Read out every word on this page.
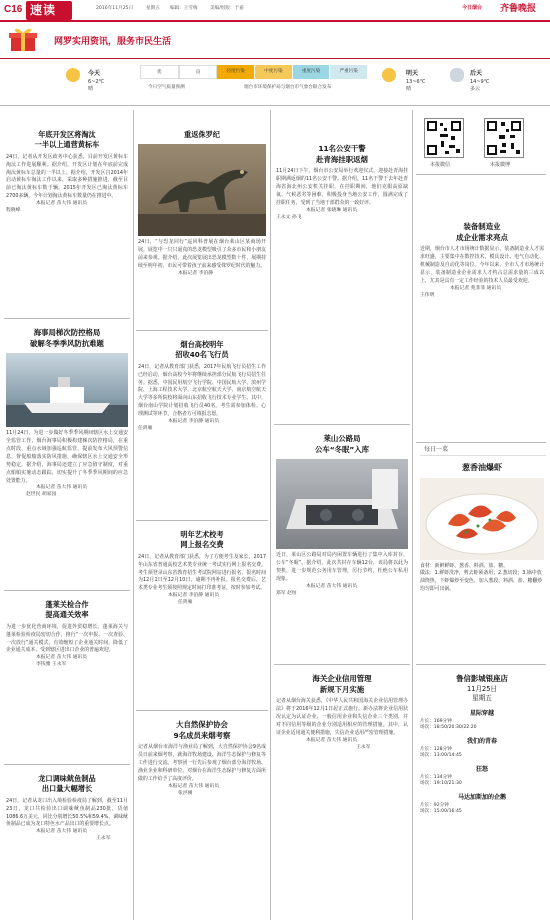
C16 速读	2016年11月25日	星期五 编辑：王雪梅	美编/组版：于嘉	今日烟台 齐鲁晚报
网罗实用资讯，服务市民生活
今天
6~2℃
晴
优	良	轻度污染	中度污染	重度污染	严重污染
今日空气质量预测	烟台市环境保护局与烟台市气象台联合发布
明天
13~6℃
晴
后天
14~9℃
多云
年底开发区将淘汰
一半以上通营黄标车
24日，记者从开发区政务中心获悉，目前开发区黄标车淘汰工作进展顺利。据介绍，开发区计划在年底前完成淘汰黄标车总量的一半以上。据介绍，开发区自2014年启动黄标车淘汰工作以来，采取多种措施推进，截至目前已淘汰黄标车数千辆。2015年开发区已淘汰黄标车2700多辆，今年计划淘汰黄标车数量仍在推进中。
本报记者 苗大伟 通讯员
程晓峰
海事局梯次防控格局
破解冬季季风防抗难题
11月24日，为进一步做好冬季季风期间辖区水上交通安全监管工作，烟台海事局积极构建梯次防控格局，在重点时段、重点水域加强巡航监管，提前发布大风预警信息，督促船舶落实防风措施，确保辖区水上交通安全形势稳定。据介绍，海事局还建立了应急值守制度，对重点船舶实施动态跟踪，切实提升了冬季季风期间的应急处置能力。
本报记者 苗大伟 通讯员
赵世民 胡家园
蓬莱关检合作
提高通关效率
为进一步优化营商环境，促进外贸稳增长，蓬莱海关与蓬莱检验检疫局密切合作，推行“一次申报、一次查验、一次放行”通关模式，有效缩短了企业通关时间，降低了企业通关成本，受到辖区进出口企业的普遍欢迎。
本报记者 苗大伟 通讯员
李钱雅 王永军
龙口调味鱿鱼制品
出口量大幅增长
24日，记者从龙口出入境检验检疫局了解到，截至11月23日，龙口共检验出口调味鱿鱼制品230批，货值1086.6万美元，同比分别增长50.5%和59.4%。调味鱿鱼制品已成为龙口特色水产品出口的重要增长点。
本报记者 苗大伟 通讯员
王永军
重返侏罗纪
24日，“与恐龙同行”巡回科普展在烟台莱山区某商场开展。展览中一只只逼真的恐龙模型吸引了众多市民和小朋友前来参观。据介绍，此次展览展出恐龙模型数十件，展期持续至明年初，市民可带着孩子前来感受侏罗纪时代的魅力。
本报记者 李泊静
烟台高校明年
招收40名飞行员
24日，记者从教育部门获悉，2017年民航飞行员招生工作已经启动，烟台高校今年将继续承担部分民航飞行员招生任务。据悉，中国民用航空飞行学院、中国民航大学、滨州学院、上海工程技术大学、北京航空航天大学、南京航空航天大学等多所院校将面向山东招收飞行技术专业学生。其中，烟台南山学院计划招收飞行员40名。考生需参加体检、心理测试等环节，合格者方可填报志愿。
本报记者 李泊静 通讯员
任鸿雁
明年艺术校考
网上报名交费
24日，记者从教育部门获悉，为了方便考生及家长，2017年山东省普通高校艺术类专业统一考试实行网上报名交费。考生须登录山东省教育招生考试院网站进行报名，报名时间为12月1日至12月10日，逾期不再补报。报名交费后，艺术类专业考生须按照规定时间打印准考证，按时参加考试。
本报记者 李泊静 通讯员
任鸿雁
大自然保护协会
9名成员来烟考察
记者从烟台市海洋与渔业局了解到，大自然保护协会9名成员日前来烟考察，就海洋牧场建设、海洋生态保护与修复等工作进行交流。考察团一行先后参观了烟台部分海洋牧场、渔业企业和科研单位，对烟台在海洋生态保护与修复方面所做的工作给予了高度评价。
本报记者 苗大伟 通讯员
张洪刚
11名公安干警
赴青海挂职返烟
11月24日下午，烟台市公安局举行欢迎仪式，迎接赴青海挂职期满返烟的11名公安干警。据介绍，11名干警于去年赴青海省海北州公安机关挂职，在挂职期间，他们克服高原缺氧、气候恶劣等困难，积极投身当地公安工作，圆满完成了挂职任务，受到了当地干部群众的一致好评。
本报记者 张晓琳 通讯员
王永文 孙飞
莱山公路局
公车“冬眠”入库
近日，莱山区公路局对局内闲置车辆进行了集中入库封存，公车“冬眠”。据介绍，此次共封存车辆12台，该局将以此为契机，进一步规范公务用车管理，厉行节约，杜绝公车私用现象。
本报记者 苗大伟 通讯员
郑军 赵恒
海关企业信用管理
新规下月实施
记者从烟台海关获悉，《中华人民共和国海关企业信用管理办法》将于2016年12月1日起正式施行。新办法将企业信用状况认定为认证企业、一般信用企业和失信企业三个类别，并对不同信用等级的企业分别适用相应的管理措施。其中，认证企业适用通关便利措施，失信企业适用严密管理措施。
本报记者 苗大伟 通讯员
王永军
本报微信	本报微博
装备制造业
成企业需求亮点
近期，烟台市人才市场统计数据显示，装备制造业人才需求旺盛，主要集中在数控技术、模具设计、电气自动化、机械制造及自动化等岗位。今年以来，全市人才市场统计显示，装备制造业企业需求人才约占总需求量的三成以上，尤其是具有一定工作经验的技术人员最受欢迎。
本报记者 苑菲菲 通讯员
王伟明
每日一菜
葱香油爆虾
食材：新鲜鲜虾、葱香、料酒、盐、糖。
做法：1.鲜虾洗净，剪去虾须备用；2.葱切段；3.锅中放油烧热，下虾爆炒至变色，加入葱段、料酒、盐、糖翻炒均匀即可出锅。
鲁信影城银座店
11月25日
星期五
星际穿越
片长：169分钟
场次：18:50/20:30/22:20
我们的青春
片长：128分钟
场次：13:00/14:45
狂怒
片长：134分钟
场次：19:10/21:30
马达加斯加的企鹅
片长：92分钟
场次：15:00/16:45
